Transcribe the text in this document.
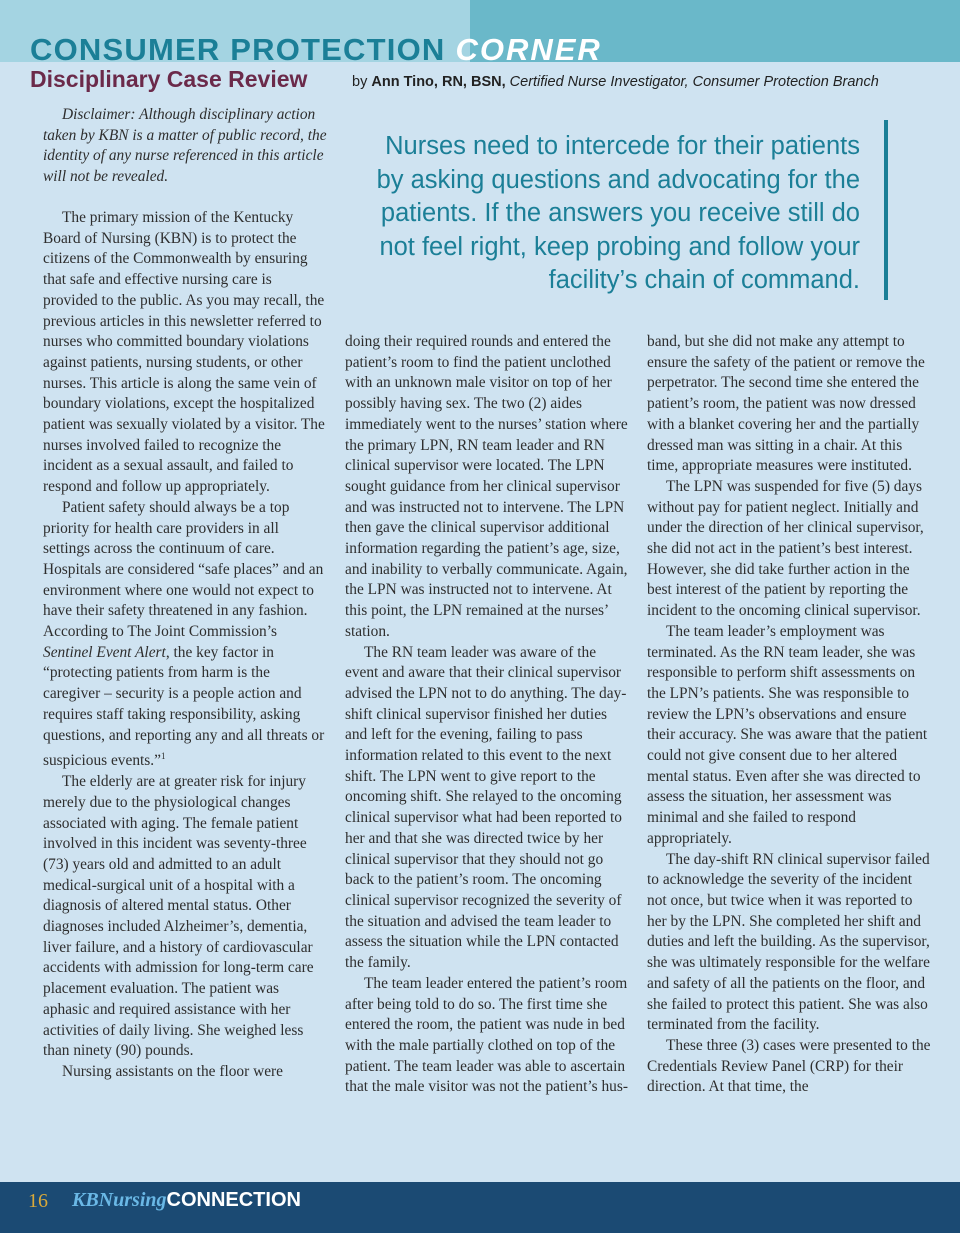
CONSUMER PROTECTION CORNER
Disciplinary Case Review	by Ann Tino, RN, BSN, Certified Nurse Investigator, Consumer Protection Branch

Disclaimer: Although disciplinary action taken by KBN is a matter of public record, the identity of any nurse referenced in this article will not be revealed.

The primary mission of the Kentucky Board of Nursing (KBN) is to protect the citizens of the Commonwealth by ensuring that safe and effective nursing care is provided to the public. As you may recall, the previous articles in this newsletter referred to nurses who committed boundary violations against patients, nursing students, or other nurses. This article is along the same vein of boundary violations, except the hospitalized patient was sexually violated by a visitor. The nurses involved failed to recognize the incident as a sexual assault, and failed to respond and follow up appropriately.

Patient safety should always be a top priority for health care providers in all settings across the continuum of care. Hospitals are considered “safe places” and an environment where one would not expect to have their safety threatened in any fashion. According to The Joint Commission’s Sentinel Event Alert, the key factor in “protecting patients from harm is the caregiver – security is a people action and requires staff taking responsibility, asking questions, and reporting any and all threats or suspicious events.”$^1$

The elderly are at greater risk for injury merely due to the physiological changes associated with aging. The female patient involved in this incident was seventy-three (73) years old and admitted to an adult medical-surgical unit of a hospital with a diagnosis of altered mental status. Other diagnoses included Alzheimer’s, dementia, liver failure, and a history of cardiovascular accidents with admission for long-term care placement evaluation. The patient was aphasic and required assistance with her activities of daily living. She weighed less than ninety (90) pounds.

Nursing assistants on the floor were

Nurses need to intercede for their patients by asking questions and advocating for the patients. If the answers you receive still do not feel right, keep probing and follow your facility’s chain of command.

doing their required rounds and entered the patient’s room to find the patient unclothed with an unknown male visitor on top of her possibly having sex. The two (2) aides immediately went to the nurses’ station where the primary LPN, RN team leader and RN clinical supervisor were located. The LPN sought guidance from her clinical supervisor and was instructed not to intervene. The LPN then gave the clinical supervisor additional information regarding the patient’s age, size, and inability to verbally communicate. Again, the LPN was instructed not to intervene. At this point, the LPN remained at the nurses’ station.

The RN team leader was aware of the event and aware that their clinical supervisor advised the LPN not to do anything. The day-shift clinical supervisor finished her duties and left for the evening, failing to pass information related to this event to the next shift. The LPN went to give report to the oncoming shift. She relayed to the oncoming clinical supervisor what had been reported to her and that she was directed twice by her clinical supervisor that they should not go back to the patient’s room. The oncoming clinical supervisor recognized the severity of the situation and advised the team leader to assess the situation while the LPN contacted the family.

The team leader entered the patient’s room after being told to do so. The first time she entered the room, the patient was nude in bed with the male partially clothed on top of the patient. The team leader was able to ascertain that the male visitor was not the patient’s hus-

band, but she did not make any attempt to ensure the safety of the patient or remove the perpetrator. The second time she entered the patient’s room, the patient was now dressed with a blanket covering her and the partially dressed man was sitting in a chair. At this time, appropriate measures were instituted.

The LPN was suspended for five (5) days without pay for patient neglect. Initially and under the direction of her clinical supervisor, she did not act in the patient’s best interest. However, she did take further action in the best interest of the patient by reporting the incident to the oncoming clinical supervisor.

The team leader’s employment was terminated. As the RN team leader, she was responsible to perform shift assessments on the LPN’s patients. She was responsible to review the LPN’s observations and ensure their accuracy. She was aware that the patient could not give consent due to her altered mental status. Even after she was directed to assess the situation, her assessment was minimal and she failed to respond appropriately.

The day-shift RN clinical supervisor failed to acknowledge the severity of the incident not once, but twice when it was reported to her by the LPN. She completed her shift and duties and left the building. As the supervisor, she was ultimately responsible for the welfare and safety of all the patients on the floor, and she failed to protect this patient. She was also terminated from the facility.

These three (3) cases were presented to the Credentials Review Panel (CRP) for their direction. At that time, the

16 KBNursingCONNECTION
